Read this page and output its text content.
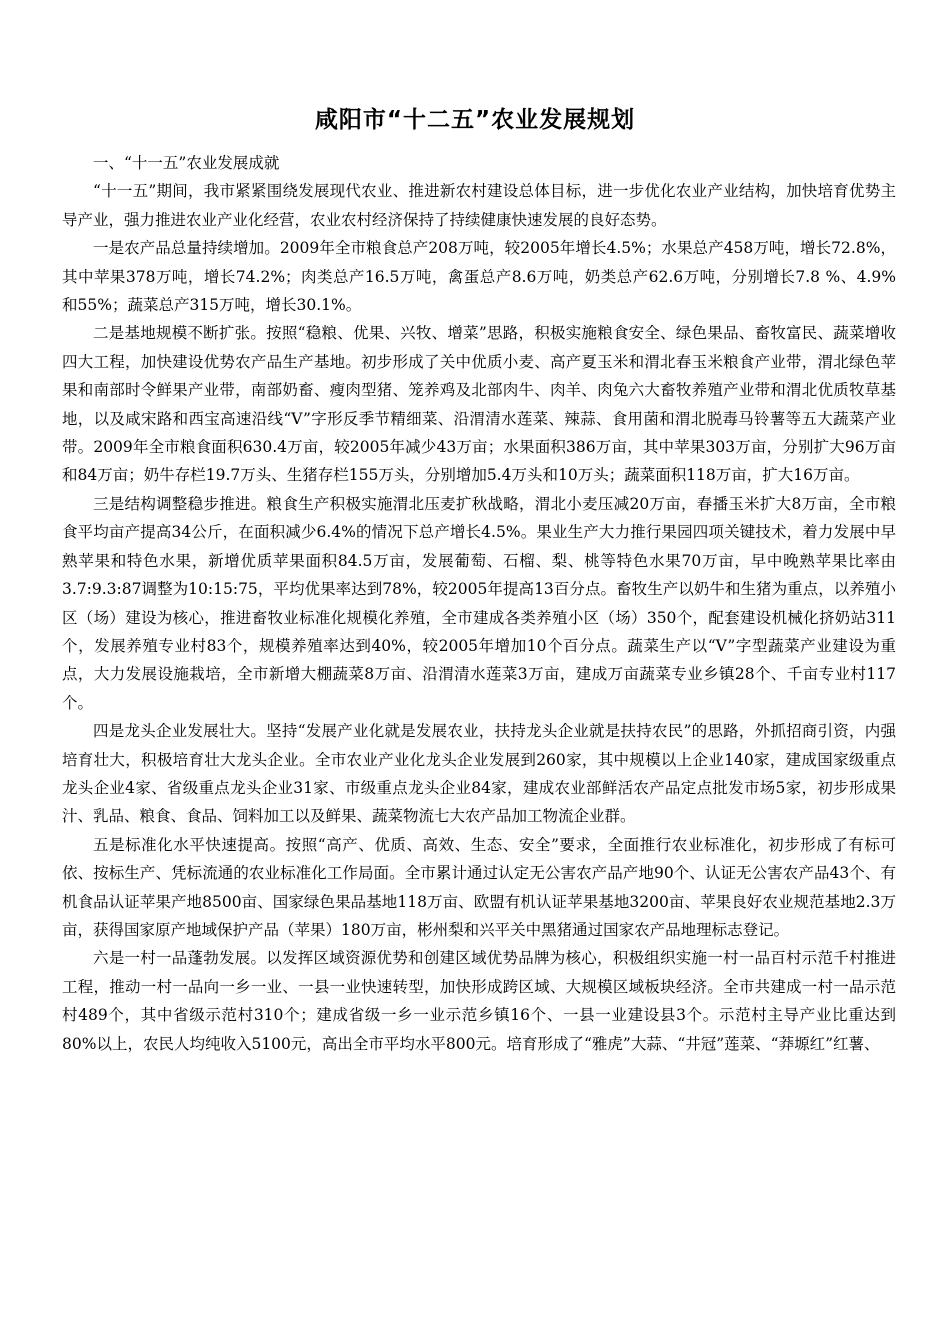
咸阳市“十二五”农业发展规划

一、“十一五”农业发展成就

“十一五”期间，我市紧紧围绕发展现代农业、推进新农村建设总体目标，进一步优化农业产业结构，加快培育优势主导产业，强力推进农业产业化经营，农业农村经济保持了持续健康快速发展的良好态势。

一是农产品总量持续增加。2009年全市粮食总产208万吨，较2005年增长4.5%；水果总产458万吨，增长72.8%，其中苹果378万吨，增长74.2%；肉类总产16.5万吨，禽蛋总产8.6万吨，奶类总产62.6万吨，分别增长7.8 %、4.9% 和55%；蔬菜总产315万吨，增长30.1%。

二是基地规模不断扩张。按照“稳粮、优果、兴牧、增菜”思路，积极实施粮食安全、绿色果品、畜牧富民、蔬菜增收四大工程，加快建设优势农产品生产基地。初步形成了关中优质小麦、高产夏玉米和渭北春玉米粮食产业带，渭北绿色苹果和南部时令鲜果产业带，南部奶畜、瘦肉型猪、笼养鸡及北部肉牛、肉羊、肉兔六大畜牧养殖产业带和渭北优质牧草基地，以及咸宋路和西宝高速沿线“V”字形反季节精细菜、沿渭清水莲菜、辣蒜、食用菌和渭北脱毒马铃薯等五大蔬菜产业带。2009年全市粮食面积630.4万亩，较2005年减少43万亩；水果面积386万亩，其中苹果303万亩，分别扩大96万亩和84万亩；奶牛存栏19.7万头、生猪存栏155万头，分别增加5.4万头和10万头；蔬菜面积118万亩，扩大16万亩。

三是结构调整稳步推进。粮食生产积极实施渭北压麦扩秋战略，渭北小麦压减20万亩，春播玉米扩大8万亩，全市粮食平均亩产提高34公斤，在面积减少6.4%的情况下总产增长4.5%。果业生产大力推行果园四项关键技术，着力发展中早熟苹果和特色水果，新增优质苹果面积84.5万亩，发展葡萄、石榴、梨、桃等特色水果70万亩，早中晚熟苹果比率由3.7:9.3:87调整为10:15:75，平均优果率达到78%，较2005年提高13百分点。畜牧生产以奶牛和生猪为重点，以养殖小区（场）建设为核心，推进畜牧业标准化规模化养殖，全市建成各类养殖小区（场）350个，配套建设机械化挤奶站311个，发展养殖专业村83个，规模养殖率达到40%，较2005年增加10个百分点。蔬菜生产以“V”字型蔬菜产业建设为重点，大力发展设施栽培，全市新增大棚蔬菜8万亩、沿渭清水莲菜3万亩，建成万亩蔬菜专业乡镇28个、千亩专业村117个。

四是龙头企业发展壮大。坚持“发展产业化就是发展农业，扶持龙头企业就是扶持农民”的思路，外抓招商引资，内强培育壮大，积极培育壮大龙头企业。全市农业产业化龙头企业发展到260家，其中规模以上企业140家，建成国家级重点龙头企业4家、省级重点龙头企业31家、市级重点龙头企业84家，建成农业部鲜活农产品定点批发市场5家，初步形成果汁、乳品、粮食、食品、饲料加工以及鲜果、蔬菜物流七大农产品加工物流企业群。

五是标准化水平快速提高。按照“高产、优质、高效、生态、安全”要求，全面推行农业标准化，初步形成了有标可依、按标生产、凭标流通的农业标准化工作局面。全市累计通过认定无公害农产品产地90个、认证无公害农产品43个、有机食品认证苹果产地8500亩、国家绿色果品基地118万亩、欧盟有机认证苹果基地3200亩、苹果良好农业规范基地2.3万亩，获得国家原产地域保护产品（苹果）180万亩，彬州梨和兴平关中黑猪通过国家农产品地理标志登记。

六是一村一品蓬勃发展。以发挥区域资源优势和创建区域优势品牌为核心，积极组织实施一村一品百村示范千村推进工程，推动一村一品向一乡一业、一县一业快速转型，加快形成跨区域、大规模区域板块经济。全市共建成一村一品示范村489个，其中省级示范村310个；建成省级一乡一业示范乡镇16个、一县一业建设县3个。示范村主导产业比重达到80%以上，农民人均纯收入5100元，高出全市平均水平800元。培育形成了“雅虎”大蒜、“井冠”莲菜、“莽塬红”红薯、
